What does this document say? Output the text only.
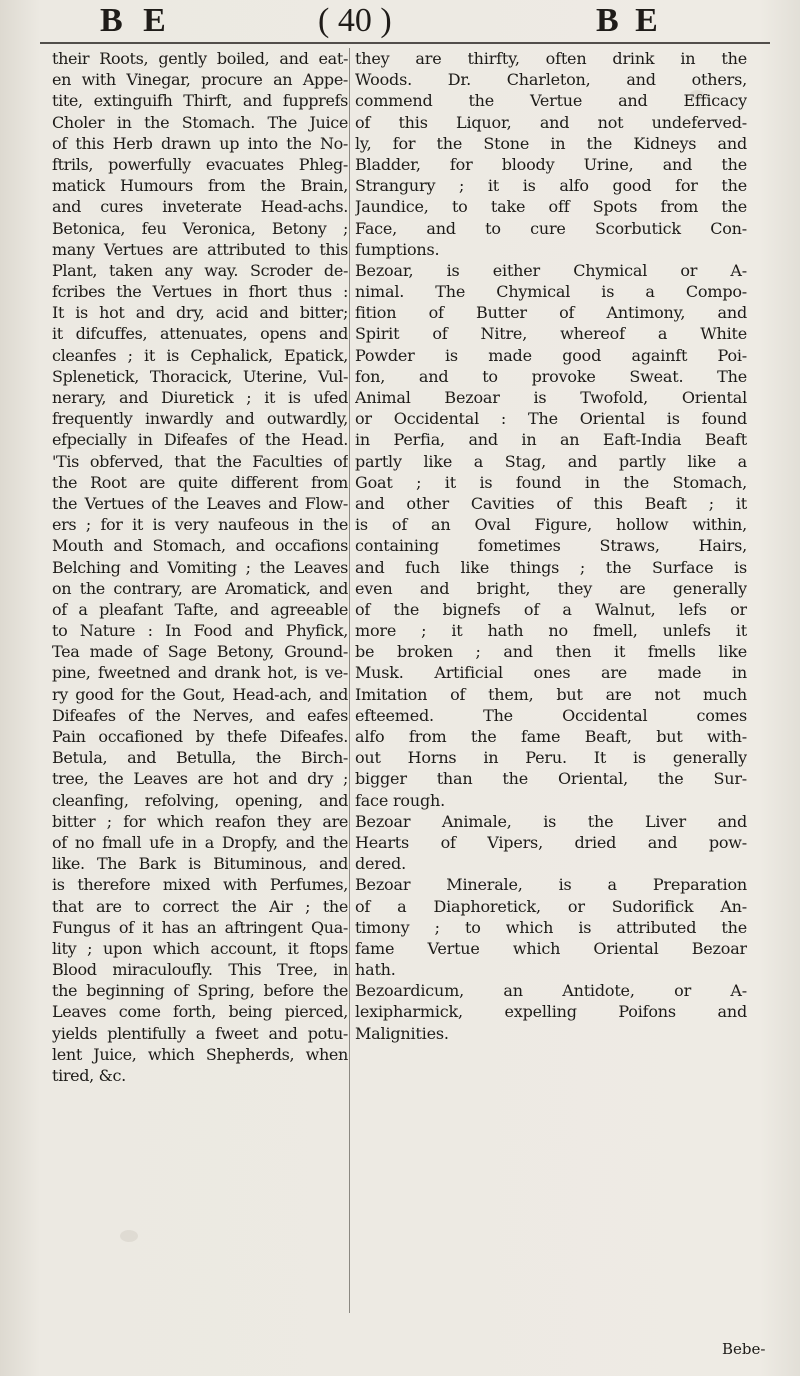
B E	( 40 )	B E
their Roots, gently boiled, and eat-
en with Vinegar, procure an Appe-
tite, extinguifh Thirft, and fupprefs
Choler in the Stomach. The Juice
of this Herb drawn up into the No-
ftrils, powerfully evacuates Phleg-
matick Humours from the Brain,
and cures inveterate Head-achs.
Betonica, feu Veronica, Betony ;
many Vertues are attributed to this
Plant, taken any way. Scroder de-
fcribes the Vertues in fhort thus :
It is hot and dry, acid and bitter;
it difcuffes, attenuates, opens and
cleanfes ; it is Cephalick, Epatick,
Splenetick, Thoracick, Uterine, Vul-
nerary, and Diuretick ; it is ufed
frequently inwardly and outwardly,
efpecially in Difeafes of the Head.
'Tis obferved, that the Faculties of
the Root are quite different from
the Vertues of the Leaves and Flow-
ers ; for it is very naufeous in the
Mouth and Stomach, and occafions
Belching and Vomiting ; the Leaves
on the contrary, are Aromatick, and
of a pleafant Tafte, and agreeable
to Nature : In Food and Phyfick,
Tea made of Sage Betony, Ground-
pine, fweetned and drank hot, is ve-
ry good for the Gout, Head-ach, and
Difeafes of the Nerves, and eafes
Pain occafioned by thefe Difeafes.
Betula, and Betulla, the Birch-
tree, the Leaves are hot and dry ;
cleanfing, refolving, opening, and
bitter ; for which reafon they are
of no fmall ufe in a Dropfy, and the
like. The Bark is Bituminous, and
is therefore mixed with Perfumes,
that are to correct the Air ; the
Fungus of it has an aftringent Qua-
lity ; upon which account, it ftops
Blood miraculoufly. This Tree, in
the beginning of Spring, before the
Leaves come forth, being pierced,
yields plentifully a fweet and potu-
lent Juice, which Shepherds, when
tired, &c.
they are thirfty, often drink in the
Woods. Dr. Charleton, and others,
commend the Vertue and Efficacy
of this Liquor, and not undeferved-
ly, for the Stone in the Kidneys and
Bladder, for bloody Urine, and the
Strangury ; it is alfo good for the
Jaundice, to take off Spots from the
Face, and to cure Scorbutick Con-
fumptions.
Bezoar, is either Chymical or A-
nimal. The Chymical is a Compo-
fition of Butter of Antimony, and
Spirit of Nitre, whereof a White
Powder is made good againft Poi-
fon, and to provoke Sweat. The
Animal Bezoar is Twofold, Oriental
or Occidental : The Oriental is found
in Perfia, and in an Eaft-India Beaft
partly like a Stag, and partly like a
Goat ; it is found in the Stomach,
and other Cavities of this Beaft ; it
is of an Oval Figure, hollow within,
containing fometimes Straws, Hairs,
and fuch like things ; the Surface is
even and bright, they are generally
of the bignefs of a Walnut, lefs or
more ; it hath no fmell, unlefs it
be broken ; and then it fmells like
Musk. Artificial ones are made in
Imitation of them, but are not much
efteemed. The Occidental comes
alfo from the fame Beaft, but with-
out Horns in Peru. It is generally
bigger than the Oriental, the Sur-
face rough.
Bezoar Animale, is the Liver and
Hearts of Vipers, dried and pow-
dered.
Bezoar Minerale, is a Preparation
of a Diaphoretick, or Sudorifick An-
timony ; to which is attributed the
fame Vertue which Oriental Bezoar
hath.
Bezoardicum, an Antidote, or A-
lexipharmick, expelling Poifons and
Malignities.
Bebe-
